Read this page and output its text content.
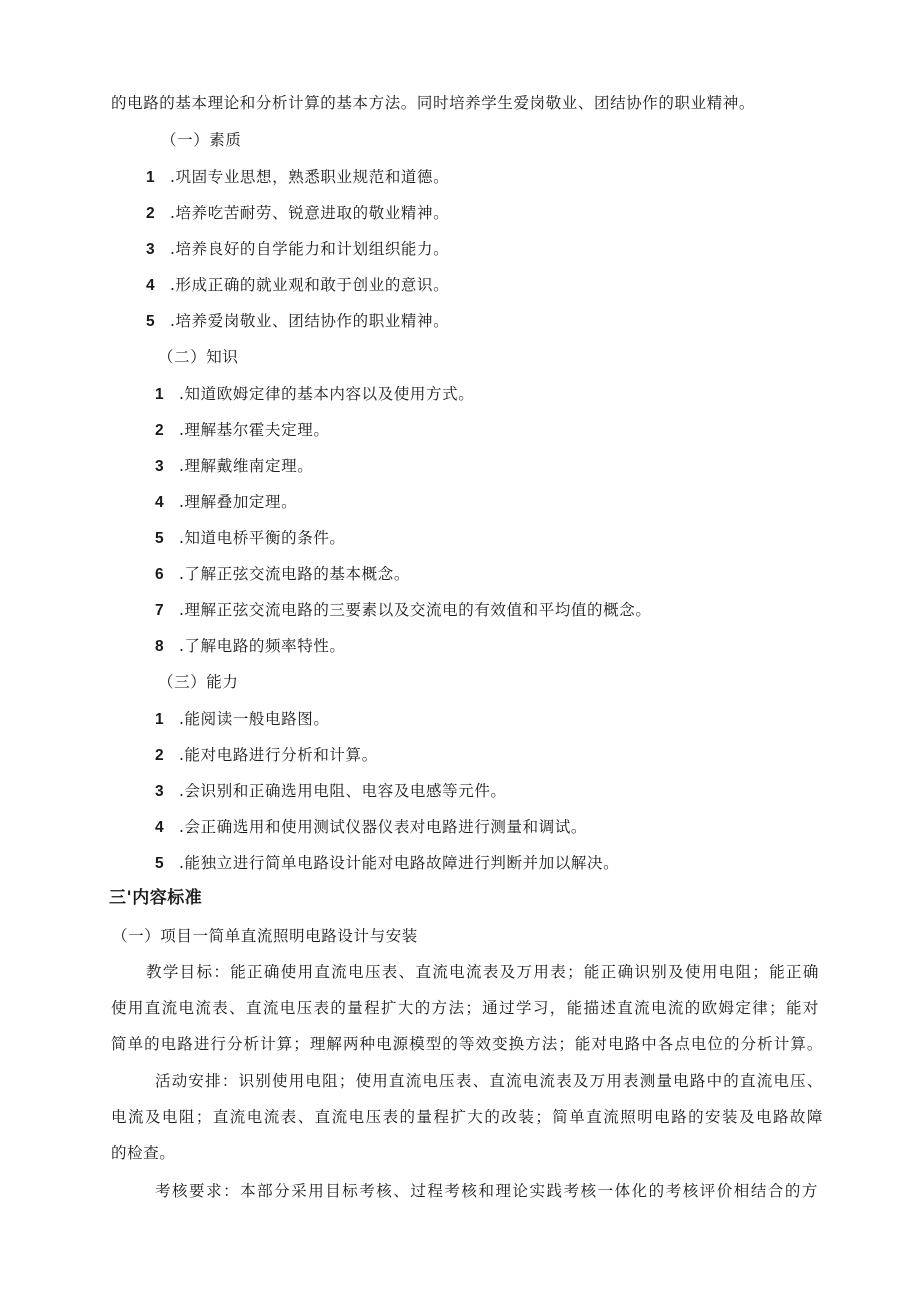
的电路的基本理论和分析计算的基本方法。同时培养学生爱岗敬业、团结协作的职业精神。
（一）素质
1 .巩固专业思想，熟悉职业规范和道德。
2 .培养吃苦耐劳、锐意进取的敬业精神。
3 .培养良好的自学能力和计划组织能力。
4 .形成正确的就业观和敢于创业的意识。
5 .培养爱岗敬业、团结协作的职业精神。
（二）知识
1 .知道欧姆定律的基本内容以及使用方式。
2 .理解基尔霍夫定理。
3 .理解戴维南定理。
4 .理解叠加定理。
5 .知道电桥平衡的条件。
6 .了解正弦交流电路的基本概念。
7 .理解正弦交流电路的三要素以及交流电的有效值和平均值的概念。
8 .了解电路的频率特性。
（三）能力
1 .能阅读一般电路图。
2 .能对电路进行分析和计算。
3 .会识别和正确选用电阻、电容及电感等元件。
4 .会正确选用和使用测试仪器仪表对电路进行测量和调试。
5 .能独立进行简单电路设计能对电路故障进行判断并加以解决。
三'内容标准
（一）项目一简单直流照明电路设计与安装
教学目标：能正确使用直流电压表、直流电流表及万用表；能正确识别及使用电阻；能正确
使用直流电流表、直流电压表的量程扩大的方法；通过学习，能描述直流电流的欧姆定律；能对
简单的电路进行分析计算；理解两种电源模型的等效变换方法；能对电路中各点电位的分析计算。
活动安排：识别使用电阻；使用直流电压表、直流电流表及万用表测量电路中的直流电压、
电流及电阻；直流电流表、直流电压表的量程扩大的改装；简单直流照明电路的安装及电路故障
的检查。
考核要求：本部分采用目标考核、过程考核和理论实践考核一体化的考核评价相结合的方
